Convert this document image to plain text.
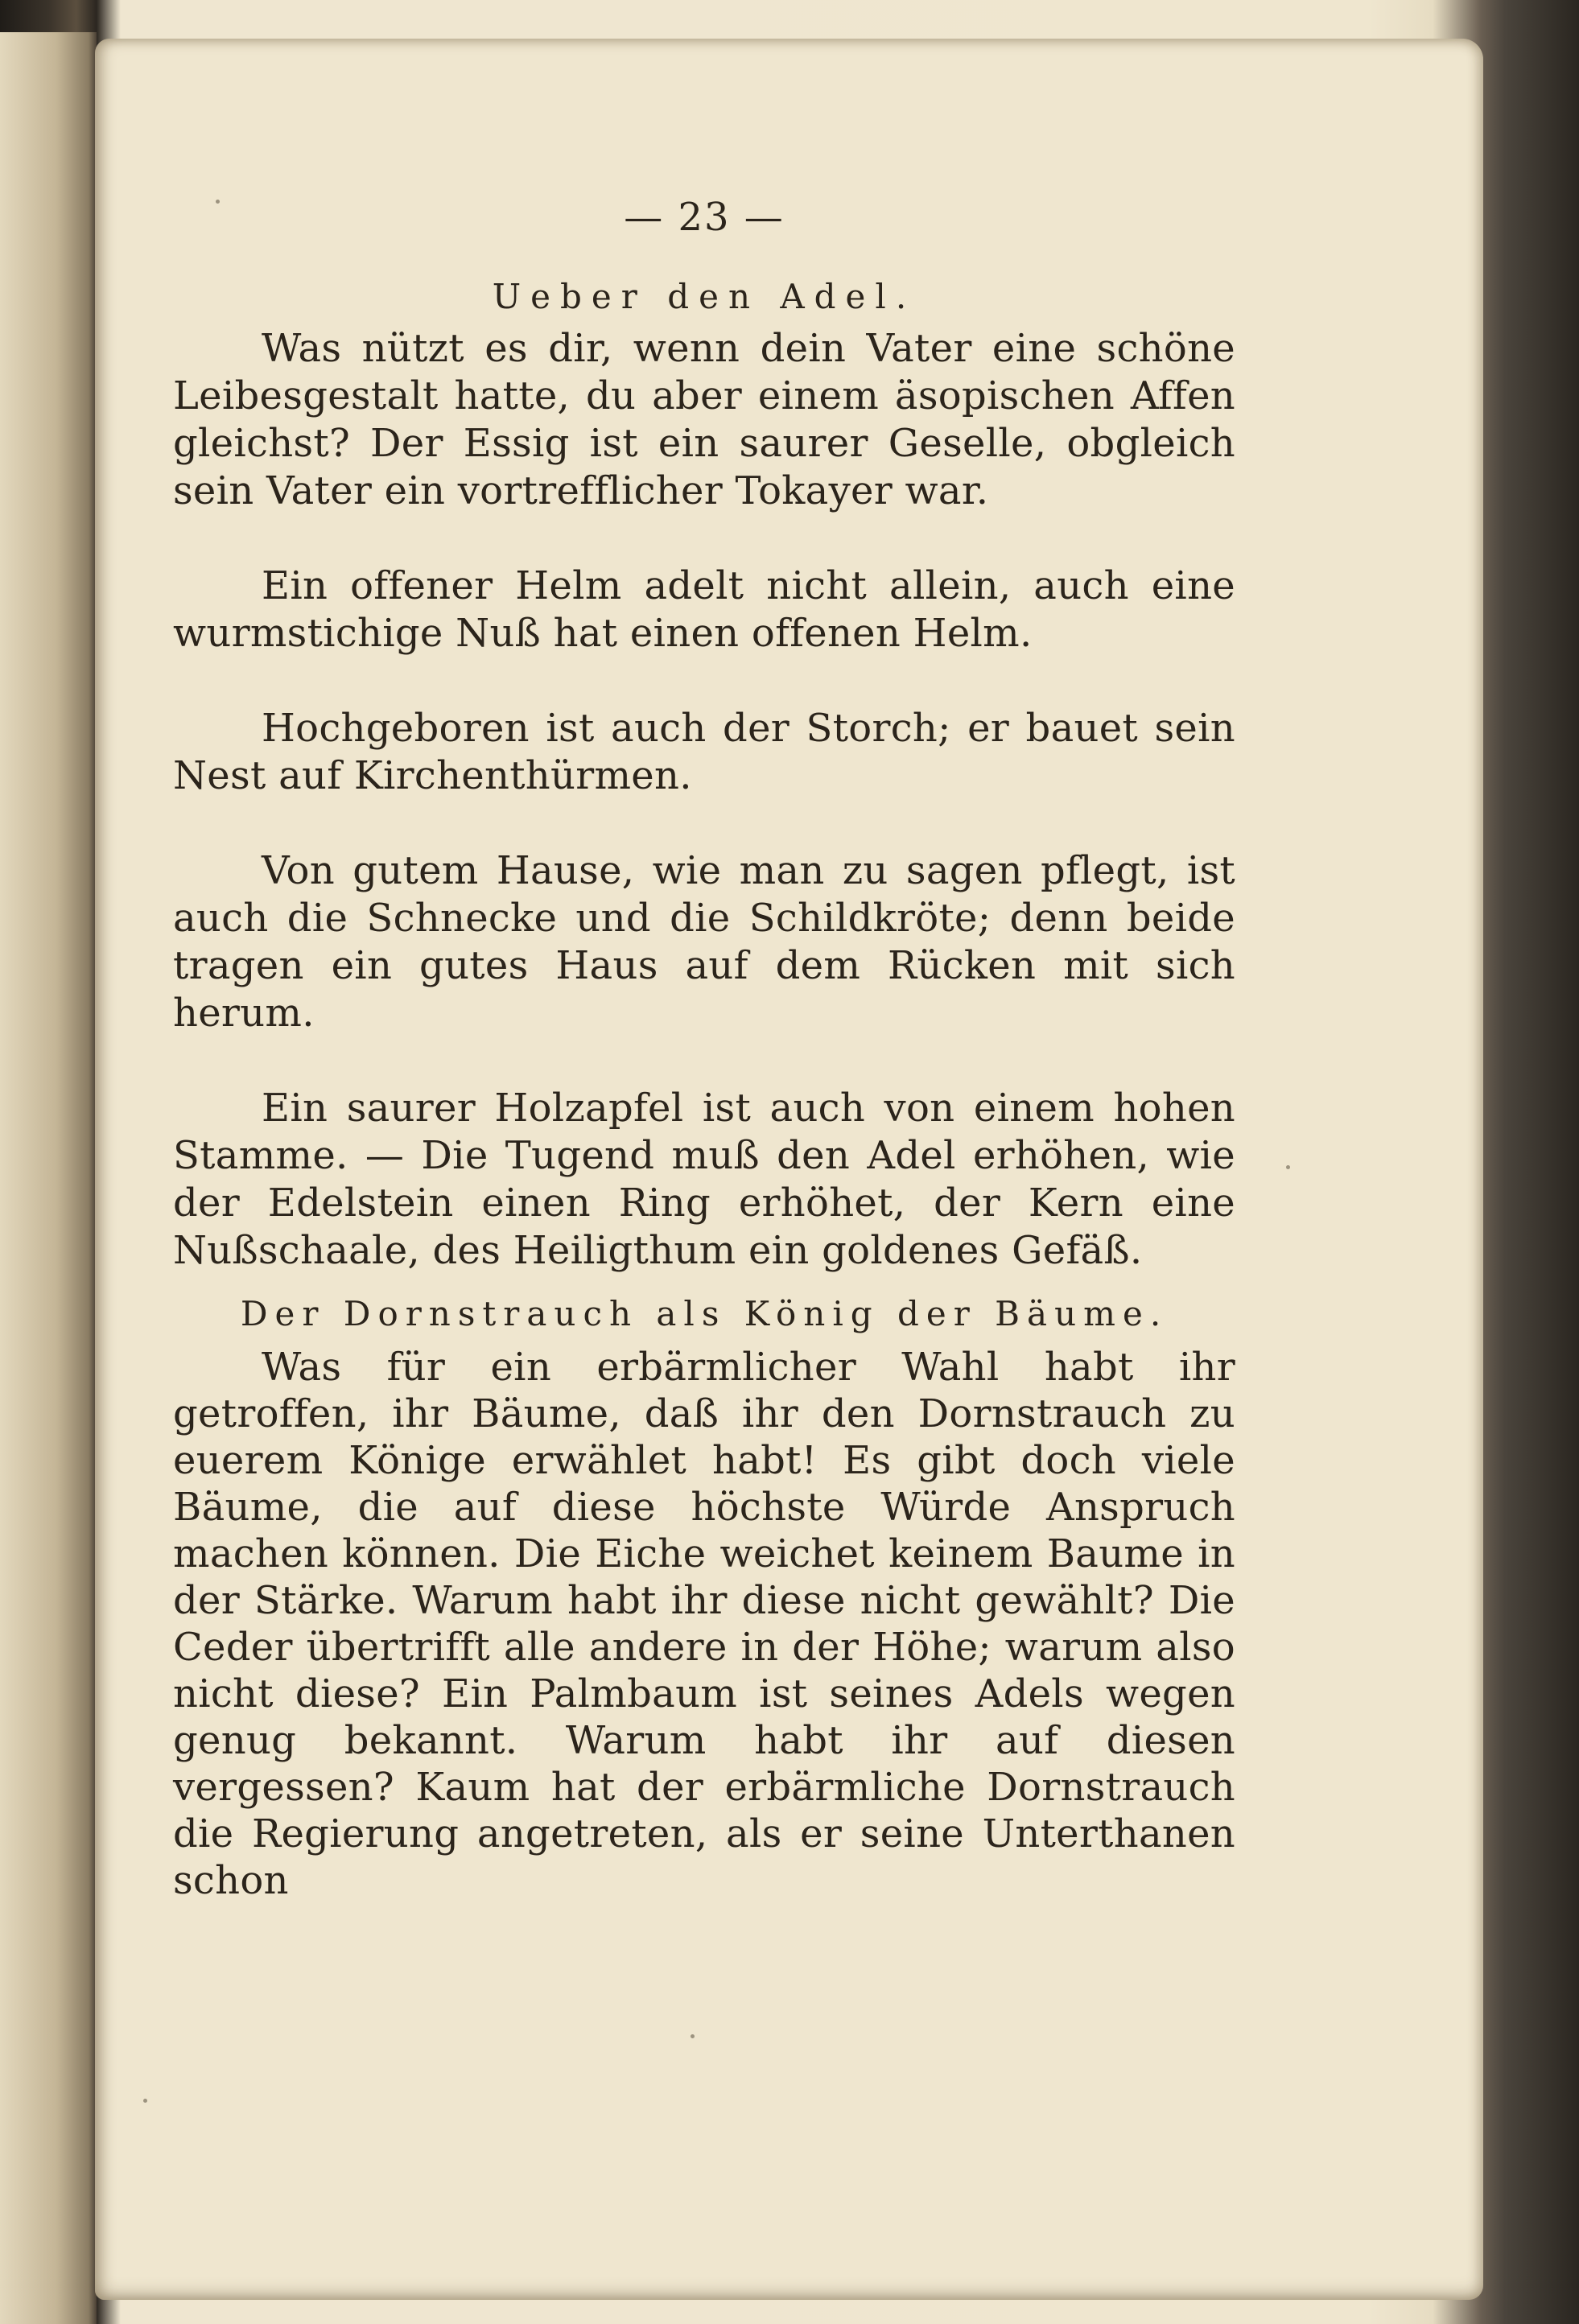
— 23 —
Ueber den Adel.

Was nützt es dir, wenn dein Vater eine schöne Leibesgestalt hatte, du aber einem äsopischen Affen gleichst? Der Essig ist ein saurer Geselle, obgleich sein Vater ein vortrefflicher Tokayer war.

Ein offener Helm adelt nicht allein, auch eine wurmstichige Nuß hat einen offenen Helm.

Hochgeboren ist auch der Storch; er bauet sein Nest auf Kirchenthürmen.

Von gutem Hause, wie man zu sagen pflegt, ist auch die Schnecke und die Schildkröte; denn beide tragen ein gutes Haus auf dem Rücken mit sich herum.

Ein saurer Holzapfel ist auch von einem hohen Stamme. — Die Tugend muß den Adel erhöhen, wie der Edelstein einen Ring erhöhet, der Kern eine Nußschaale, des Heiligthum ein goldenes Gefäß.

Der Dornstrauch als König der Bäume.

Was für ein erbärmlicher Wahl habt ihr getroffen, ihr Bäume, daß ihr den Dornstrauch zu euerem Könige erwählet habt! Es gibt doch viele Bäume, die auf diese höchste Würde Anspruch machen können. Die Eiche weichet keinem Baume in der Stärke. Warum habt ihr diese nicht gewählt? Die Ceder übertrifft alle andere in der Höhe; warum also nicht diese? Ein Palmbaum ist seines Adels wegen genug bekannt. Warum habt ihr auf diesen vergessen? Kaum hat der erbärmliche Dornstrauch die Regierung angetreten, als er seine Unterthanen schon
